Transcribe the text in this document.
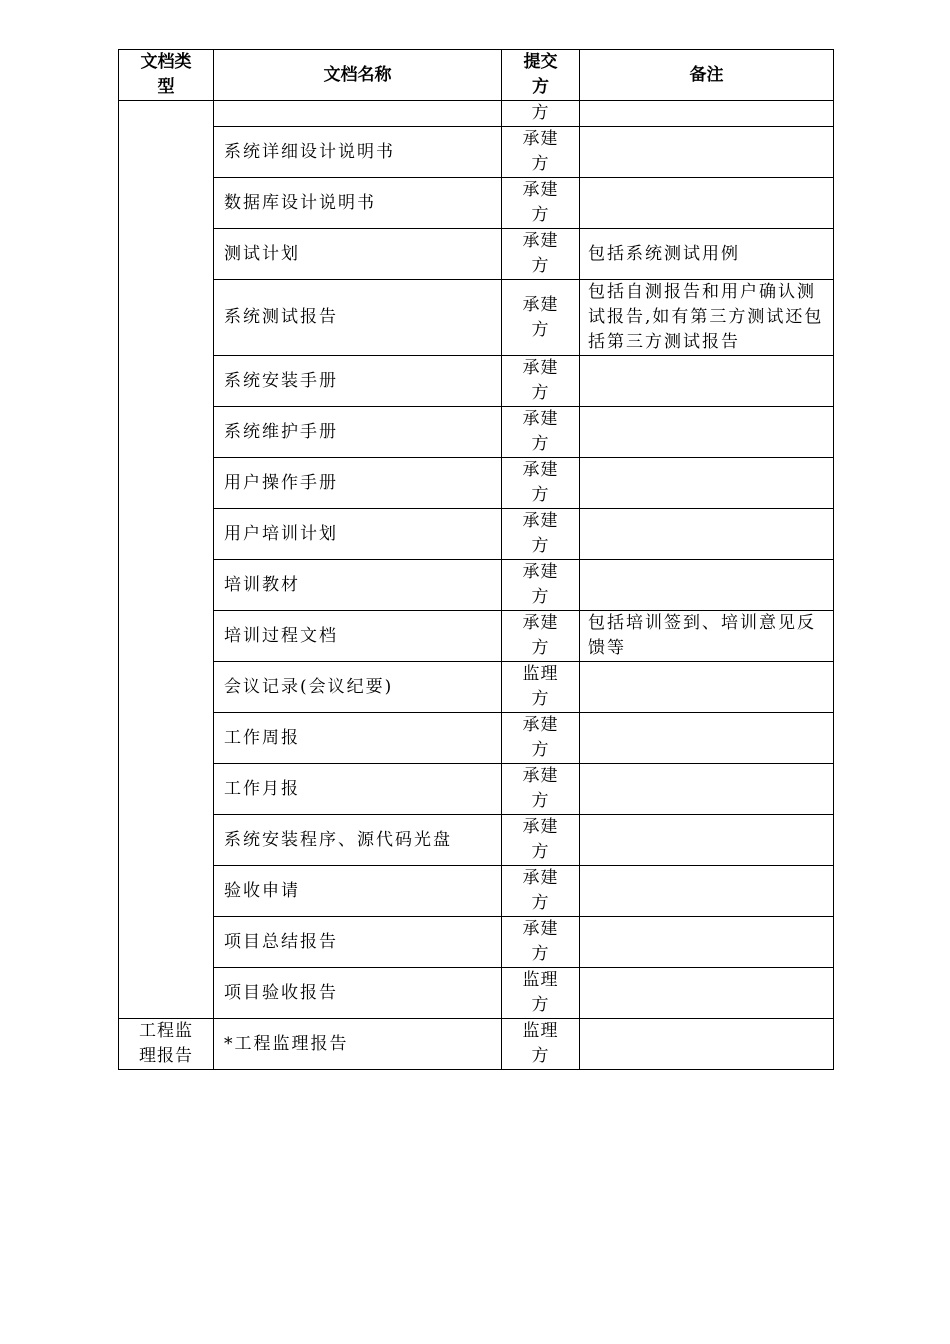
文档类型	文档名称	提交方	备注
		方	
	系统详细设计说明书	承建方	
	数据库设计说明书	承建方	
	测试计划	承建方	包括系统测试用例
	系统测试报告	承建方	包括自测报告和用户确认测试报告,如有第三方测试还包括第三方测试报告
	系统安装手册	承建方	
	系统维护手册	承建方	
	用户操作手册	承建方	
	用户培训计划	承建方	
	培训教材	承建方	
	培训过程文档	承建方	包括培训签到、培训意见反馈等
	会议记录(会议纪要)	监理方	
	工作周报	承建方	
	工作月报	承建方	
	系统安装程序、源代码光盘	承建方	
	验收申请	承建方	
	项目总结报告	承建方	
	项目验收报告	监理方	
工程监理报告	*工程监理报告	监理方	
